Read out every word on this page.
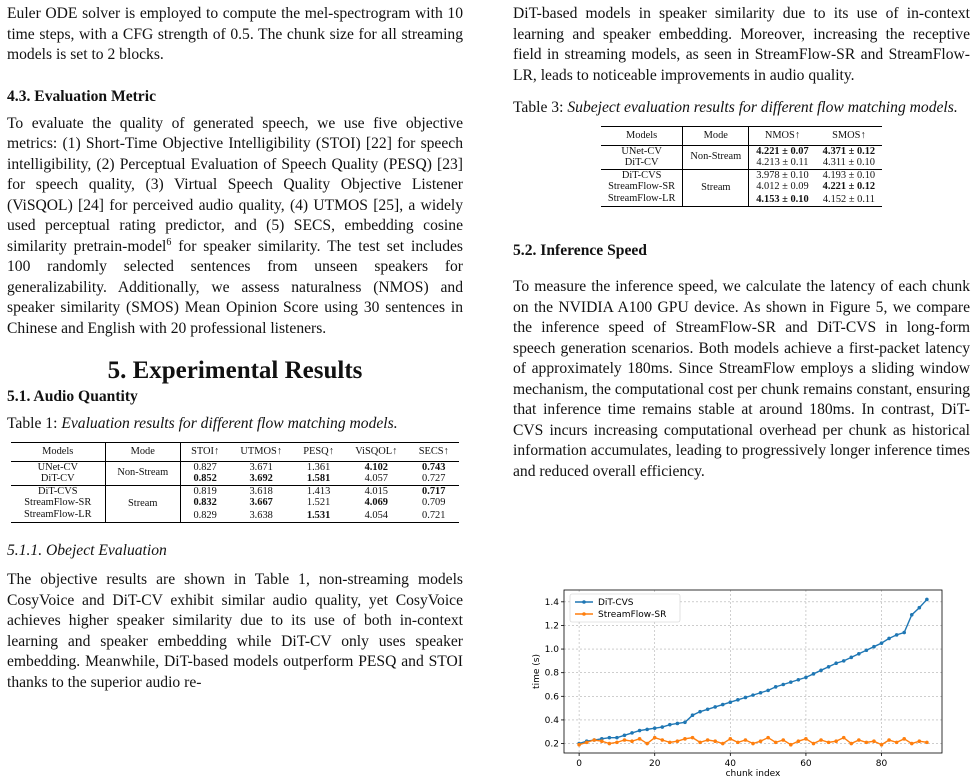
Euler ODE solver is employed to compute the mel-spectrogram with 10 time steps, with a CFG strength of 0.5. The chunk size for all streaming models is set to 2 blocks.

4.3. Evaluation Metric

To evaluate the quality of generated speech, we use five objective metrics: (1) Short-Time Objective Intelligibility (STOI) [22] for speech intelligibility, (2) Perceptual Evaluation of Speech Quality (PESQ) [23] for speech quality, (3) Virtual Speech Quality Objective Listener (ViSQOL) [24] for perceived audio quality, (4) UTMOS [25], a widely used perceptual rating predictor, and (5) SECS, embedding cosine similarity pretrain-model$^6$ for speaker similarity. The test set includes 100 randomly selected sentences from unseen speakers for generalizability. Additionally, we assess naturalness (NMOS) and speaker similarity (SMOS) Mean Opinion Score using 30 sentences in Chinese and English with 20 professional listeners.

5. Experimental Results
5.1. Audio Quantity
Table 1: Evaluation results for different flow matching models.
Models	Mode	STOI↑	UTMOS↑	PESQ↑	ViSQOL↑	SECS↑
UNet-CV	Non-Stream	0.827	3.671	1.361	4.102	0.743
DiT-CV		0.852	3.692	1.581	4.057	0.727
DiT-CVS	Stream	0.819	3.618	1.413	4.015	0.717
StreamFlow-SR		0.832	3.667	1.521	4.069	0.709
StreamFlow-LR		0.829	3.638	1.531	4.054	0.721
5.1.1. Obeject Evaluation

The objective results are shown in Table 1, non-streaming models CosyVoice and DiT-CV exhibit similar audio quality, yet CosyVoice achieves higher speaker similarity due to its use of both in-context learning and speaker embedding while DiT-CV only uses speaker embedding. Meanwhile, DiT-based models outperform PESQ and STOI thanks to the superior audio re-

DiT-based models in speaker similarity due to its use of in-context learning and speaker embedding. Moreover, increasing the receptive field in streaming models, as seen in StreamFlow-SR and StreamFlow-LR, leads to noticeable improvements in audio quality.

Table 3: Subeject evaluation results for different flow matching models.
Models	Mode	NMOS↑	SMOS↑
UNet-CV	Non-Stream	4.221 ± 0.07	4.371 ± 0.12
DiT-CV		4.213 ± 0.11	4.311 ± 0.10
DiT-CVS	Stream	3.978 ± 0.10	4.193 ± 0.10
StreamFlow-SR		4.012 ± 0.09	4.221 ± 0.12
StreamFlow-LR		4.153 ± 0.10	4.152 ± 0.11
5.2. Inference Speed

To measure the inference speed, we calculate the latency of each chunk on the NVIDIA A100 GPU device. As shown in Figure 5, we compare the inference speed of StreamFlow-SR and DiT-CVS in long-form speech generation scenarios. Both models achieve a first-packet latency of approximately 180ms. Since StreamFlow employs a sliding window mechanism, the computational cost per chunk remains constant, ensuring that inference time remains stable at around 180ms. In contrast, DiT-CVS incurs increasing computational overhead per chunk as historical information accumulates, leading to progressively longer inference times and reduced overall efficiency.

0	20	40	60	80
0.2
0.4
0.6
0.8
1.0
1.2
1.4
chunk index
time (s)
DiT-CVS
StreamFlow-SR
